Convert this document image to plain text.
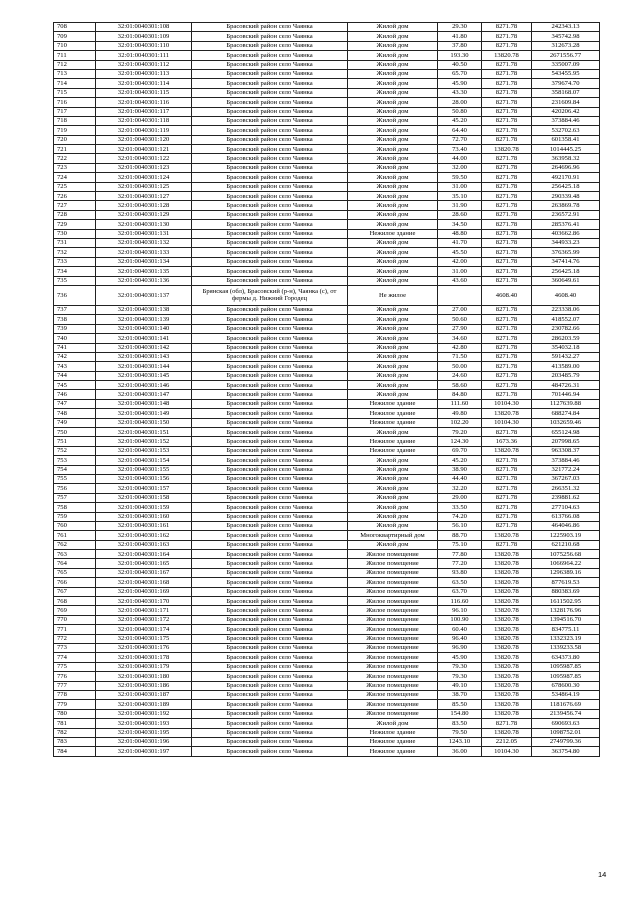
708	32:01:0040301:108	Брасовский район село Чаянка	Жилой дом	29.30	8271.78	242343.13
709	32:01:0040301:109	Брасовский район село Чаянка	Жилой дом	41.80	8271.78	345742.98
710	32:01:0040301:110	Брасовский район село Чаянка	Жилой дом	37.80	8271.78	312673.28
711	32:01:0040301:111	Брасовский район село Чаянка	Жилой дом	193.30	13820.78	2671556.77
712	32:01:0040301:112	Брасовский район село Чаянка	Жилой дом	40.50	8271.78	335007.09
713	32:01:0040301:113	Брасовский район село Чаянка	Жилой дом	65.70	8271.78	543455.95
714	32:01:0040301:114	Брасовский район село Чаянка	Жилой дом	45.90	8271.78	379674.70
715	32:01:0040301:115	Брасовский район село Чаянка	Жилой дом	43.30	8271.78	358168.07
716	32:01:0040301:116	Брасовский район село Чаянка	Жилой дом	28.00	8271.78	231609.84
717	32:01:0040301:117	Брасовский район село Чаянка	Жилой дом	50.80	8271.78	420206.42
718	32:01:0040301:118	Брасовский район село Чаянка	Жилой дом	45.20	8271.78	373884.46
719	32:01:0040301:119	Брасовский район село Чаянка	Жилой дом	64.40	8271.78	532702.63
720	32:01:0040301:120	Брасовский район село Чаянка	Жилой дом	72.70	8271.78	601358.41
721	32:01:0040301:121	Брасовский район село Чаянка	Жилой дом	73.40	13820.78	1014445.25
722	32:01:0040301:122	Брасовский район село Чаянка	Жилой дом	44.00	8271.78	363958.32
723	32:01:0040301:123	Брасовский район село Чаянка	Жилой дом	32.00	8271.78	264696.96
724	32:01:0040301:124	Брасовский район село Чаянка	Жилой дом	59.50	8271.78	492170.91
725	32:01:0040301:125	Брасовский район село Чаянка	Жилой дом	31.00	8271.78	256425.18
726	32:01:0040301:127	Брасовский район село Чаянка	Жилой дом	35.10	8271.78	290339.48
727	32:01:0040301:128	Брасовский район село Чаянка	Жилой дом	31.90	8271.78	263869.78
728	32:01:0040301:129	Брасовский район село Чаянка	Жилой дом	28.60	8271.78	236572.91
729	32:01:0040301:130	Брасовский район село Чаянка	Жилой дом	34.50	8271.78	285376.41
730	32:01:0040301:131	Брасовский район село Чаянка	Нежилое здание	48.80	8271.78	403662.86
731	32:01:0040301:132	Брасовский район село Чаянка	Жилой дом	41.70	8271.78	344933.23
732	32:01:0040301:133	Брасовский район село Чаянка	Жилой дом	45.50	8271.78	376365.99
733	32:01:0040301:134	Брасовский район село Чаянка	Жилой дом	42.00	8271.78	347414.76
734	32:01:0040301:135	Брасовский район село Чаянка	Жилой дом	31.00	8271.78	256425.18
735	32:01:0040301:136	Брасовский район село Чаянка	Жилой дом	43.60	8271.78	360649.61
736	32:01:0040301:137	Брянская (обл), Брасовский (р-н), Чаянка (с), от фермы д. Нижний Городец	Не жилое		4608.40	4608.40
737	32:01:0040301:138	Брасовский район село Чаянка	Жилой дом	27.00	8271.78	223338.06
738	32:01:0040301:139	Брасовский район село Чаянка	Жилой дом	50.60	8271.78	418552.07
739	32:01:0040301:140	Брасовский район село Чаянка	Жилой дом	27.90	8271.78	230782.66
740	32:01:0040301:141	Брасовский район село Чаянка	Жилой дом	34.60	8271.78	286203.59
741	32:01:0040301:142	Брасовский район село Чаянка	Жилой дом	42.80	8271.78	354032.18
742	32:01:0040301:143	Брасовский район село Чаянка	Жилой дом	71.50	8271.78	591432.27
743	32:01:0040301:144	Брасовский район село Чаянка	Жилой дом	50.00	8271.78	413589.00
744	32:01:0040301:145	Брасовский район село Чаянка	Жилой дом	24.60	8271.78	203485.79
745	32:01:0040301:146	Брасовский район село Чаянка	Жилой дом	58.60	8271.78	484726.31
746	32:01:0040301:147	Брасовский район село Чаянка	Жилой дом	84.80	8271.78	701446.94
747	32:01:0040301:148	Брасовский район село Чаянка	Нежилое здание	111.60	10104.30	1127639.88
748	32:01:0040301:149	Брасовский район село Чаянка	Нежилое здание	49.80	13820.78	688274.84
749	32:01:0040301:150	Брасовский район село Чаянка	Нежилое здание	102.20	10104.30	1032659.46
750	32:01:0040301:151	Брасовский район село Чаянка	Жилой дом	79.20	8271.78	655124.98
751	32:01:0040301:152	Брасовский район село Чаянка	Нежилое здание	124.30	1673.36	207998.65
752	32:01:0040301:153	Брасовский район село Чаянка	Нежилое здание	69.70	13820.78	963308.37
753	32:01:0040301:154	Брасовский район село Чаянка	Жилой дом	45.20	8271.78	373884.46
754	32:01:0040301:155	Брасовский район село Чаянка	Жилой дом	38.90	8271.78	321772.24
755	32:01:0040301:156	Брасовский район село Чаянка	Жилой дом	44.40	8271.78	367267.03
756	32:01:0040301:157	Брасовский район село Чаянка	Жилой дом	32.20	8271.78	266351.32
757	32:01:0040301:158	Брасовский район село Чаянка	Жилой дом	29.00	8271.78	239881.62
758	32:01:0040301:159	Брасовский район село Чаянка	Жилой дом	33.50	8271.78	277104.63
759	32:01:0040301:160	Брасовский район село Чаянка	Жилой дом	74.20	8271.78	613766.08
760	32:01:0040301:161	Брасовский район село Чаянка	Жилой дом	56.10	8271.78	464046.86
761	32:01:0040301:162	Брасовский район село Чаянка	Многоквартирный дом	88.70	13820.78	1225903.19
762	32:01:0040301:163	Брасовский район село Чаянка	Жилой дом	75.10	8271.78	621210.68
763	32:01:0040301:164	Брасовский район село Чаянка	Жилое помещение	77.80	13820.78	1075256.68
764	32:01:0040301:165	Брасовский район село Чаянка	Жилое помещение	77.20	13820.78	1066964.22
765	32:01:0040301:167	Брасовский район село Чаянка	Жилое помещение	93.80	13820.78	1296389.16
766	32:01:0040301:168	Брасовский район село Чаянка	Жилое помещение	63.50	13820.78	877619.53
767	32:01:0040301:169	Брасовский район село Чаянка	Жилое помещение	63.70	13820.78	880383.69
768	32:01:0040301:170	Брасовский район село Чаянка	Жилое помещение	116.60	13820.78	1611502.95
769	32:01:0040301:171	Брасовский район село Чаянка	Жилое помещение	96.10	13820.78	1328176.96
770	32:01:0040301:172	Брасовский район село Чаянка	Жилое помещение	100.90	13820.78	1394516.70
771	32:01:0040301:174	Брасовский район село Чаянка	Жилое помещение	60.40	13820.78	834775.11
772	32:01:0040301:175	Брасовский район село Чаянка	Жилое помещение	96.40	13820.78	1332323.19
773	32:01:0040301:176	Брасовский район село Чаянка	Жилое помещение	96.90	13820.78	1339233.58
774	32:01:0040301:178	Брасовский район село Чаянка	Жилое помещение	45.90	13820.78	634373.80
775	32:01:0040301:179	Брасовский район село Чаянка	Жилое помещение	79.30	13820.78	1095987.85
776	32:01:0040301:180	Брасовский район село Чаянка	Жилое помещение	79.30	13820.78	1095987.85
777	32:01:0040301:186	Брасовский район село Чаянка	Жилое помещение	49.10	13820.78	678600.30
778	32:01:0040301:187	Брасовский район село Чаянка	Жилое помещение	38.70	13820.78	534864.19
779	32:01:0040301:189	Брасовский район село Чаянка	Жилое помещение	85.50	13820.78	1181676.69
780	32:01:0040301:192	Брасовский район село Чаянка	Жилое помещение	154.80	13820.78	2139456.74
781	32:01:0040301:193	Брасовский район село Чаянка	Жилой дом	83.50	8271.78	690693.63
782	32:01:0040301:195	Брасовский район село Чаянка	Нежилое здание	79.50	13820.78	1098752.01
783	32:01:0040301:196	Брасовский район село Чаянка	Нежилое здание	1243.10	2212.05	2749799.36
784	32:01:0040301:197	Брасовский район село Чаянка	Нежилое здание	36.00	10104.30	363754.80
14
